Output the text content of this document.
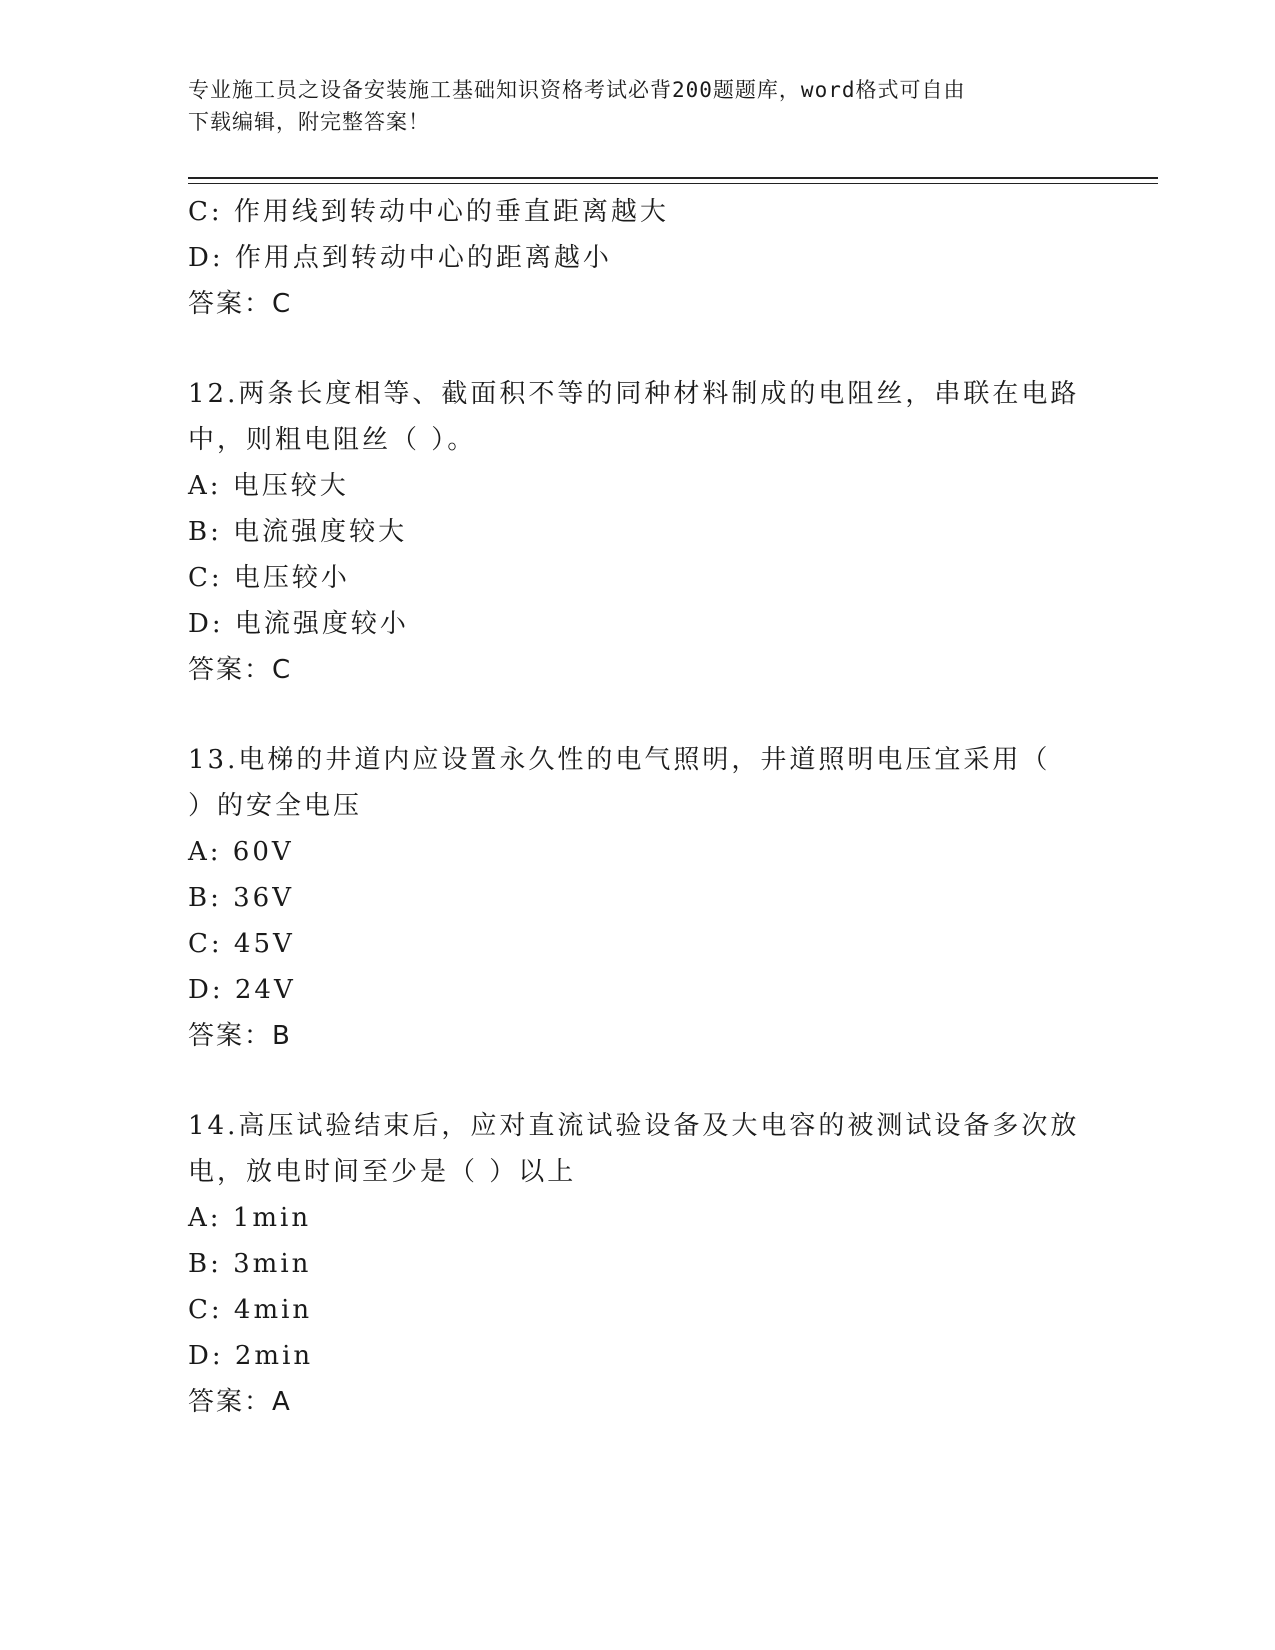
专业施工员之设备安装施工基础知识资格考试必背200题题库，word格式可自由
下载编辑，附完整答案！
C: 作用线到转动中心的垂直距离越大
D: 作用点到转动中心的距离越小
答案：C
12.两条长度相等、截面积不等的同种材料制成的电阻丝，串联在电路
中，则粗电阻丝（ ）。
A: 电压较大
B: 电流强度较大
C: 电压较小
D: 电流强度较小
答案：C
13.电梯的井道内应设置永久性的电气照明，井道照明电压宜采用（
）的安全电压
A: 60V
B: 36V
C: 45V
D: 24V
答案：B
14.高压试验结束后，应对直流试验设备及大电容的被测试设备多次放
电，放电时间至少是（ ）以上
A: 1min
B: 3min
C: 4min
D: 2min
答案：A
